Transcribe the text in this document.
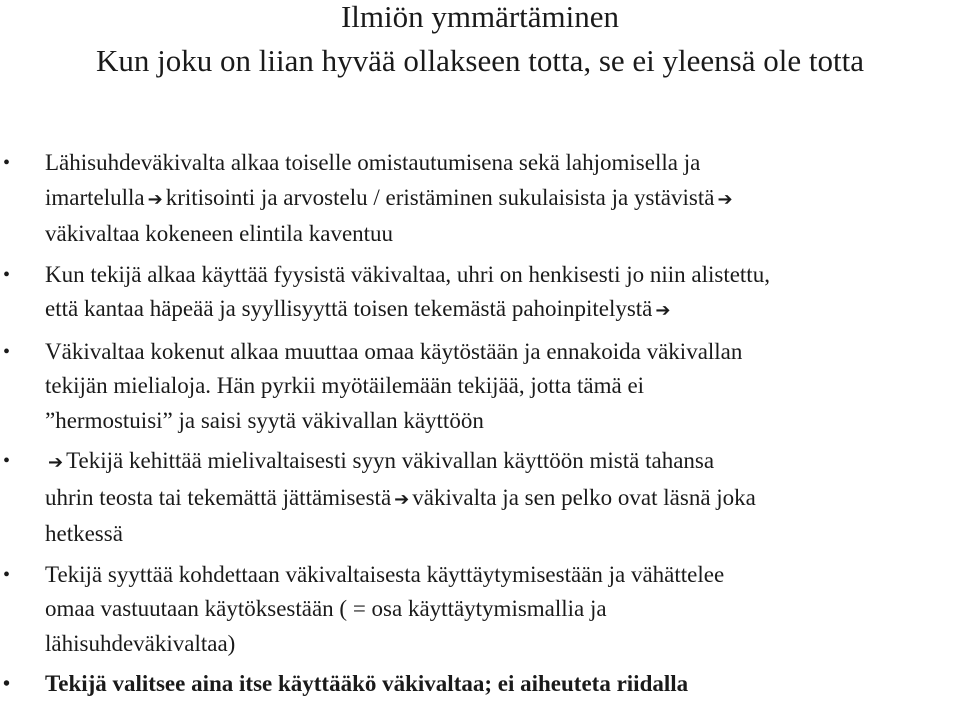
Ilmiön ymmärtäminen
Kun joku on liian hyvää ollakseen totta, se ei yleensä ole totta
• Lähisuhdeväkivalta alkaa toiselle omistautumisena sekä lahjomisella ja
imartelulla ➔ kritisointi ja arvostelu / eristäminen sukulaisista ja ystävistä ➔
väkivaltaa kokeneen elintila kaventuu
• Kun tekijä alkaa käyttää fyysistä väkivaltaa, uhri on henkisesti jo niin alistettu,
että kantaa häpeää ja syyllisyyttä toisen tekemästä pahoinpitelystä ➔
• Väkivaltaa kokenut alkaa muuttaa omaa käytöstään ja ennakoida väkivallan
tekijän mielialoja. Hän pyrkii myötäilemään tekijää, jotta tämä ei
”hermostuisi” ja saisi syytä väkivallan käyttöön
• ➔ Tekijä kehittää mielivaltaisesti syyn väkivallan käyttöön mistä tahansa
uhrin teosta tai tekemättä jättämisestä ➔ väkivalta ja sen pelko ovat läsnä joka
hetkessä
• Tekijä syyttää kohdettaan väkivaltaisesta käyttäytymisestään ja vähättelee
omaa vastuutaan käytöksestään ( = osa käyttäytymismallia ja
lähisuhdeväkivaltaa)
• Tekijä valitsee aina itse käyttääkö väkivaltaa; ei aiheuteta riidalla
